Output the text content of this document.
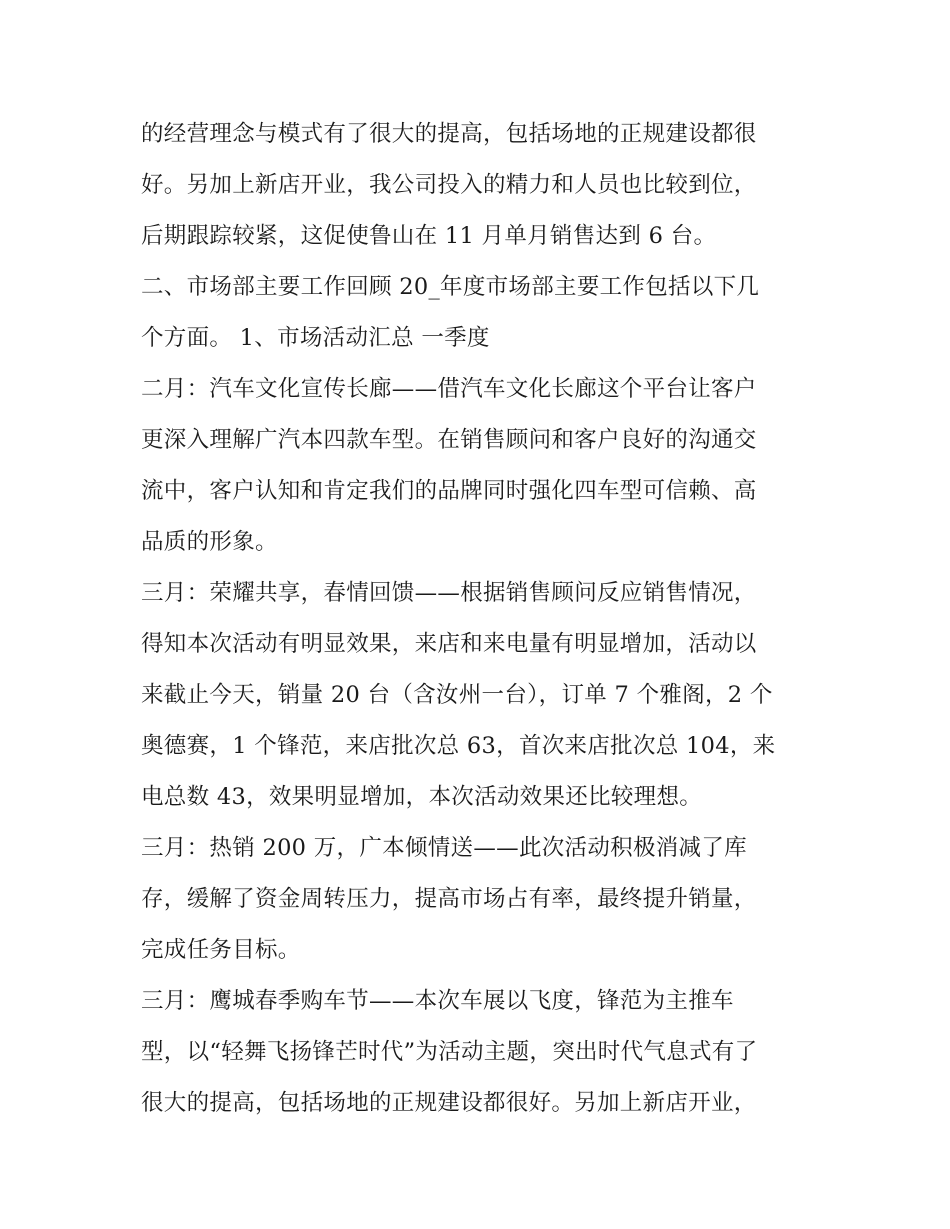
的经营理念与模式有了很大的提高，包括场地的正规建设都很
好。另加上新店开业，我公司投入的精力和人员也比较到位，
后期跟踪较紧，这促使鲁山在 11 月单月销售达到 6 台。
二、市场部主要工作回顾 20_年度市场部主要工作包括以下几
个方面。 1、市场活动汇总 一季度
二月：汽车文化宣传长廊——借汽车文化长廊这个平台让客户
更深入理解广汽本四款车型。在销售顾问和客户良好的沟通交
流中，客户认知和肯定我们的品牌同时强化四车型可信赖、高
品质的形象。
三月：荣耀共享，春情回馈——根据销售顾问反应销售情况，
得知本次活动有明显效果，来店和来电量有明显增加，活动以
来截止今天，销量 20 台（含汝州一台），订单 7 个雅阁，2 个
奥德赛，1 个锋范，来店批次总 63，首次来店批次总 104，来
电总数 43，效果明显增加，本次活动效果还比较理想。
三月：热销 200 万，广本倾情送——此次活动积极消减了库
存，缓解了资金周转压力，提高市场占有率，最终提升销量，
完成任务目标。
三月：鹰城春季购车节——本次车展以飞度，锋范为主推车
型，以“轻舞飞扬锋芒时代”为活动主题，突出时代气息式有了
很大的提高，包括场地的正规建设都很好。另加上新店开业，
